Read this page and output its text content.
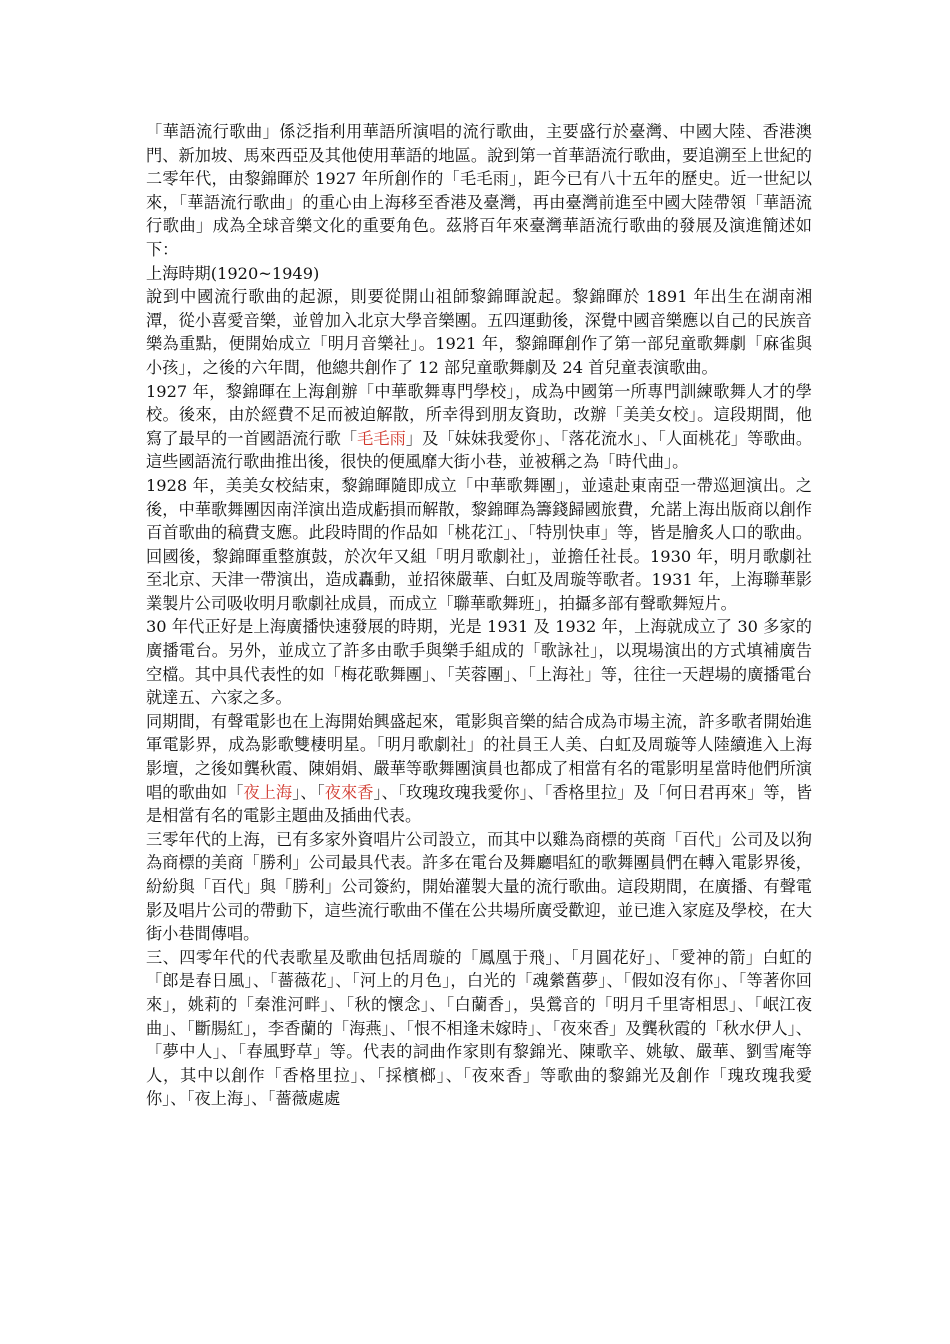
「華語流行歌曲」係泛指利用華語所演唱的流行歌曲，主要盛行於臺灣、中國大陸、香港澳門、新加坡、馬來西亞及其他使用華語的地區。說到第一首華語流行歌曲，要追溯至上世紀的二零年代，由黎錦暉於 1927 年所創作的「毛毛雨」，距今已有八十五年的歷史。近一世紀以來，「華語流行歌曲」的重心由上海移至香港及臺灣，再由臺灣前進至中國大陸帶領「華語流行歌曲」成為全球音樂文化的重要角色。茲將百年來臺灣華語流行歌曲的發展及演進簡述如下：

上海時期(1920~1949)

說到中國流行歌曲的起源，則要從開山祖師黎錦暉說起。黎錦暉於 1891 年出生在湖南湘潭，從小喜愛音樂，並曾加入北京大學音樂團。五四運動後，深覺中國音樂應以自己的民族音樂為重點，便開始成立「明月音樂社」。1921 年，黎錦暉創作了第一部兒童歌舞劇「麻雀與小孩」，之後的六年間，他總共創作了 12 部兒童歌舞劇及 24 首兒童表演歌曲。

1927 年，黎錦暉在上海創辦「中華歌舞專門學校」，成為中國第一所專門訓練歌舞人才的學校。後來，由於經費不足而被迫解散，所幸得到朋友資助，改辦「美美女校」。這段期間，他寫了最早的一首國語流行歌「毛毛雨」及「妹妹我愛你」、「落花流水」、「人面桃花」等歌曲。這些國語流行歌曲推出後，很快的便風靡大街小巷，並被稱之為「時代曲」。

1928 年，美美女校結束，黎錦暉隨即成立「中華歌舞團」，並遠赴東南亞一帶巡迴演出。之後，中華歌舞團因南洋演出造成虧損而解散，黎錦暉為籌錢歸國旅費，允諾上海出版商以創作百首歌曲的稿費支應。此段時間的作品如「桃花江」、「特別快車」等，皆是膾炙人口的歌曲。回國後，黎錦暉重整旗鼓，於次年又組「明月歌劇社」，並擔任社長。1930 年，明月歌劇社至北京、天津一帶演出，造成轟動，並招徠嚴華、白虹及周璇等歌者。1931 年，上海聯華影業製片公司吸收明月歌劇社成員，而成立「聯華歌舞班」，拍攝多部有聲歌舞短片。

30 年代正好是上海廣播快速發展的時期，光是 1931 及 1932 年，上海就成立了 30 多家的廣播電台。另外，並成立了許多由歌手與樂手組成的「歌詠社」，以現場演出的方式填補廣告空檔。其中具代表性的如「梅花歌舞團」、「芙蓉團」、「上海社」等，往往一天趕場的廣播電台就達五、六家之多。

同期間，有聲電影也在上海開始興盛起來，電影與音樂的結合成為市場主流，許多歌者開始進軍電影界，成為影歌雙棲明星。「明月歌劇社」的社員王人美、白虹及周璇等人陸續進入上海影壇，之後如龔秋霞、陳娟娟、嚴華等歌舞團演員也都成了相當有名的電影明星當時他們所演唱的歌曲如「夜上海」、「夜來香」、「玫瑰玫瑰我愛你」、「香格里拉」及「何日君再來」等，皆是相當有名的電影主題曲及插曲代表。

三零年代的上海，已有多家外資唱片公司設立，而其中以雞為商標的英商「百代」公司及以狗為商標的美商「勝利」公司最具代表。許多在電台及舞廳唱紅的歌舞團員們在轉入電影界後，紛紛與「百代」與「勝利」公司簽約，開始灌製大量的流行歌曲。這段期間，在廣播、有聲電影及唱片公司的帶動下，這些流行歌曲不僅在公共場所廣受歡迎，並已進入家庭及學校，在大街小巷間傳唱。

三、四零年代的代表歌星及歌曲包括周璇的「鳳凰于飛」、「月圓花好」、「愛神的箭」白虹的「郎是春日風」、「薔薇花」、「河上的月色」，白光的「魂縈舊夢」、「假如沒有你」、「等著你回來」，姚莉的「秦淮河畔」、「秋的懷念」、「白蘭香」，吳鶯音的「明月千里寄相思」、「岷江夜曲」、「斷腸紅」，李香蘭的「海燕」、「恨不相逢未嫁時」、「夜來香」及龔秋霞的「秋水伊人」、「夢中人」、「春風野草」等。代表的詞曲作家則有黎錦光、陳歌辛、姚敏、嚴華、劉雪庵等人，其中以創作「香格里拉」、「採檳榔」、「夜來香」等歌曲的黎錦光及創作「瑰玫瑰我愛你」、「夜上海」、「薔薇處處
